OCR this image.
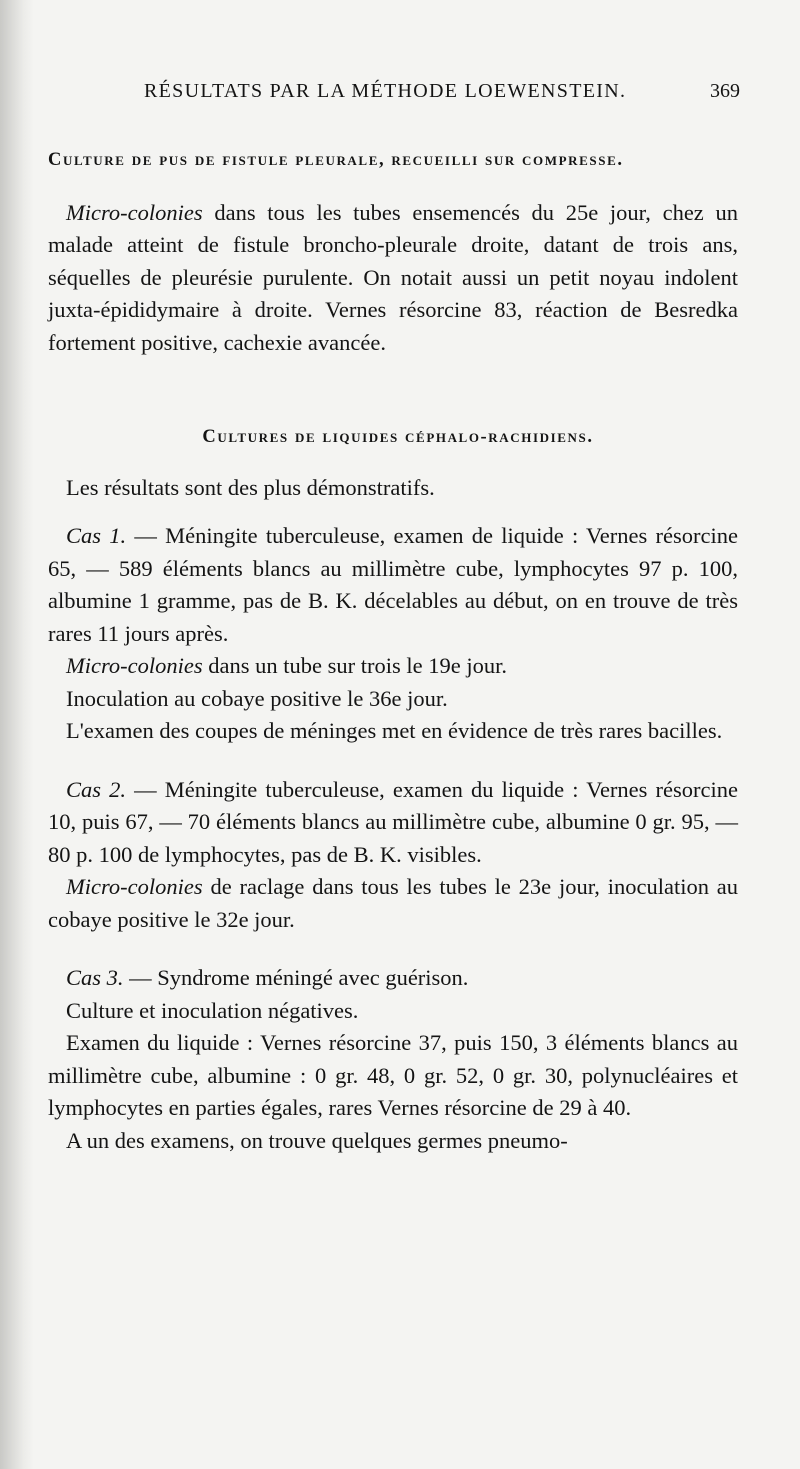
RÉSULTATS PAR LA MÉTHODE LOEWENSTEIN.	369
Culture de pus de fistule pleurale, recueilli sur compresse.

Micro-colonies dans tous les tubes ensemencés du 25e jour, chez un malade atteint de fistule broncho-pleurale droite, datant de trois ans, séquelles de pleurésie purulente. On notait aussi un petit noyau indolent juxta-épididymaire à droite. Vernes résorcine 83, réaction de Besredka fortement positive, cachexie avancée.

Cultures de liquides céphalo-rachidiens.

Les résultats sont des plus démonstratifs.

Cas 1. — Méningite tuberculeuse, examen de liquide : Vernes résorcine 65, — 589 éléments blancs au millimètre cube, lymphocytes 97 p. 100, albumine 1 gramme, pas de B. K. décelables au début, on en trouve de très rares 11 jours après.

Micro-colonies dans un tube sur trois le 19e jour.

Inoculation au cobaye positive le 36e jour.

L'examen des coupes de méninges met en évidence de très rares bacilles.

Cas 2. — Méningite tuberculeuse, examen du liquide : Vernes résorcine 10, puis 67, — 70 éléments blancs au millimètre cube, albumine 0 gr. 95, — 80 p. 100 de lymphocytes, pas de B. K. visibles.

Micro-colonies de raclage dans tous les tubes le 23e jour, inoculation au cobaye positive le 32e jour.

Cas 3. — Syndrome méningé avec guérison.

Culture et inoculation négatives.

Examen du liquide : Vernes résorcine 37, puis 150, 3 éléments blancs au millimètre cube, albumine : 0 gr. 48, 0 gr. 52, 0 gr. 30, polynucléaires et lymphocytes en parties égales, rares Vernes résorcine de 29 à 40.

A un des examens, on trouve quelques germes pneumo-
